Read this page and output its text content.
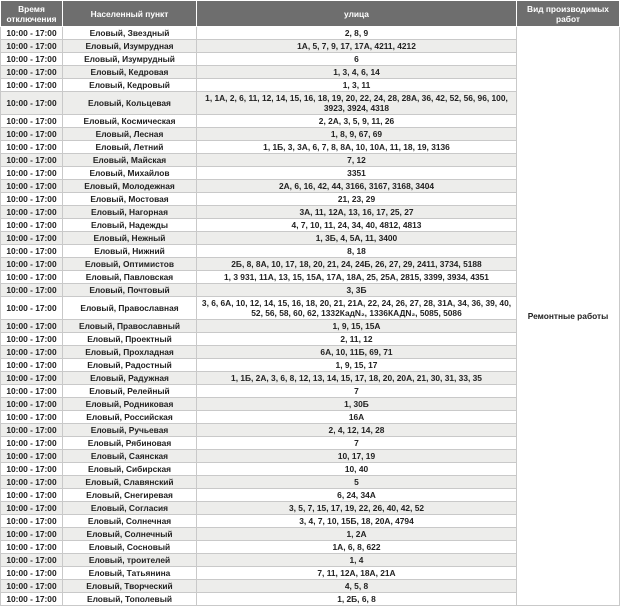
Время отключения	Населенный пункт	улица	Вид производимых работ
10:00 - 17:00	Еловый, Звездный	2, 8, 9	Ремонтные работы
10:00 - 17:00	Еловый, Изумрудная	1А, 5, 7, 9, 17, 17А, 4211, 4212	
10:00 - 17:00	Еловый, Изумрудный	6	
10:00 - 17:00	Еловый, Кедровая	1, 3, 4, 6, 14	
10:00 - 17:00	Еловый, Кедровый	1, 3, 11	
10:00 - 17:00	Еловый, Кольцевая	1, 1А, 2, 6, 11, 12, 14, 15, 16, 18, 19, 20, 22, 24, 28, 28А, 36, 42, 52, 56, 96, 100, 3923, 3924, 4318	
10:00 - 17:00	Еловый, Космическая	2, 2А, 3, 5, 9, 11, 26	
10:00 - 17:00	Еловый, Лесная	1, 8, 9, 67, 69	
10:00 - 17:00	Еловый, Летний	1, 1Б, 3, 3А, 6, 7, 8, 8А, 10, 10А, 11, 18, 19, 3136	
10:00 - 17:00	Еловый, Майская	7, 12	
10:00 - 17:00	Еловый, Михайлов	3351	
10:00 - 17:00	Еловый, Молодежная	2А, 6, 16, 42, 44, 3166, 3167, 3168, 3404	
10:00 - 17:00	Еловый, Мостовая	21, 23, 29	
10:00 - 17:00	Еловый, Нагорная	3А, 11, 12А, 13, 16, 17, 25, 27	
10:00 - 17:00	Еловый, Надежды	4, 7, 10, 11, 24, 34, 40, 4812, 4813	
10:00 - 17:00	Еловый, Нежный	1, 3Б, 4, 5А, 11, 3400	
10:00 - 17:00	Еловый, Нижний	8, 18	
10:00 - 17:00	Еловый, Оптимистов	2Б, 8, 8А, 10, 17, 18, 20, 21, 24, 24Б, 26, 27, 29, 2411, 3734, 5188	
10:00 - 17:00	Еловый, Павловская	1, 3 931, 11А, 13, 15, 15А, 17А, 18А, 25, 25А, 2815, 3399, 3934, 4351	
10:00 - 17:00	Еловый, Почтовый	3, 3Б	
10:00 - 17:00	Еловый, Православная	3, 6, 6А, 10, 12, 14, 15, 16, 18, 20, 21, 21А, 22, 24, 26, 27, 28, 31А, 34, 36, 39, 40, 52, 56, 58, 60, 62, 1332КадN₂, 1336КАДN₂, 5085, 5086	
10:00 - 17:00	Еловый, Православный	1, 9, 15, 15А	
10:00 - 17:00	Еловый, Проектный	2, 11, 12	
10:00 - 17:00	Еловый, Прохладная	6А, 10, 11Б, 69, 71	
10:00 - 17:00	Еловый, Радостный	1, 9, 15, 17	
10:00 - 17:00	Еловый, Радужная	1, 1Б, 2А, 3, 6, 8, 12, 13, 14, 15, 17, 18, 20, 20А, 21, 30, 31, 33, 35	
10:00 - 17:00	Еловый, Релейный	7	
10:00 - 17:00	Еловый, Родниковая	1, 30Б	
10:00 - 17:00	Еловый, Российская	16А	
10:00 - 17:00	Еловый, Ручьевая	2, 4, 12, 14, 28	
10:00 - 17:00	Еловый, Рябиновая	7	
10:00 - 17:00	Еловый, Саянская	10, 17, 19	
10:00 - 17:00	Еловый, Сибирская	10, 40	
10:00 - 17:00	Еловый, Славянский	5	
10:00 - 17:00	Еловый, Снегиревая	6, 24, 34А	
10:00 - 17:00	Еловый, Согласия	3, 5, 7, 15, 17, 19, 22, 26, 40, 42, 52	
10:00 - 17:00	Еловый, Солнечная	3, 4, 7, 10, 15Б, 18, 20А, 4794	
10:00 - 17:00	Еловый, Солнечный	1, 2А	
10:00 - 17:00	Еловый, Сосновый	1А, 6, 8, 622	
10:00 - 17:00	Еловый, троителей	1, 4	
10:00 - 17:00	Еловый, Татьянина	7, 11, 12А, 18А, 21А	
10:00 - 17:00	Еловый, Творческий	4, 5, 8	
10:00 - 17:00	Еловый, Тополевый	1, 2Б, 6, 8	
